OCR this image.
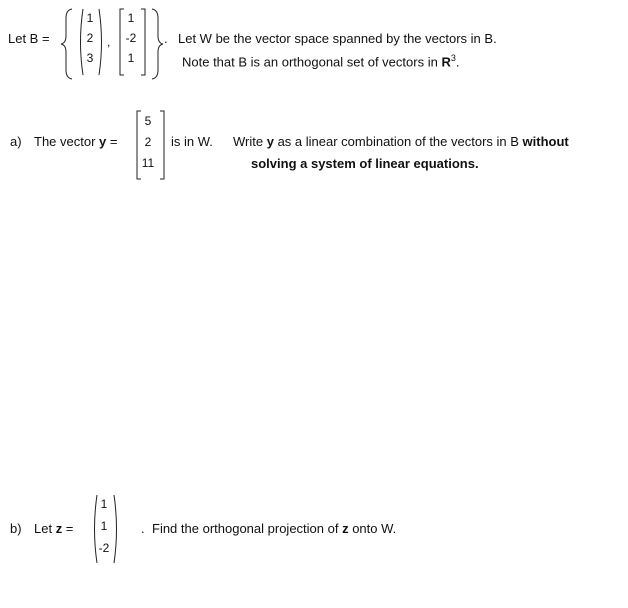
Let B =
1
2
3
,
1
-2
1
. Let W be the vector space spanned by the vectors in B.
Note that B is an orthogonal set of vectors in $R^3$.
a) The vector y =
5
2
11
is in W. Write y as a linear combination of the vectors in B without
solving a system of linear equations.
b) Let z =
1
1
-2
. Find the orthogonal projection of z onto W.
